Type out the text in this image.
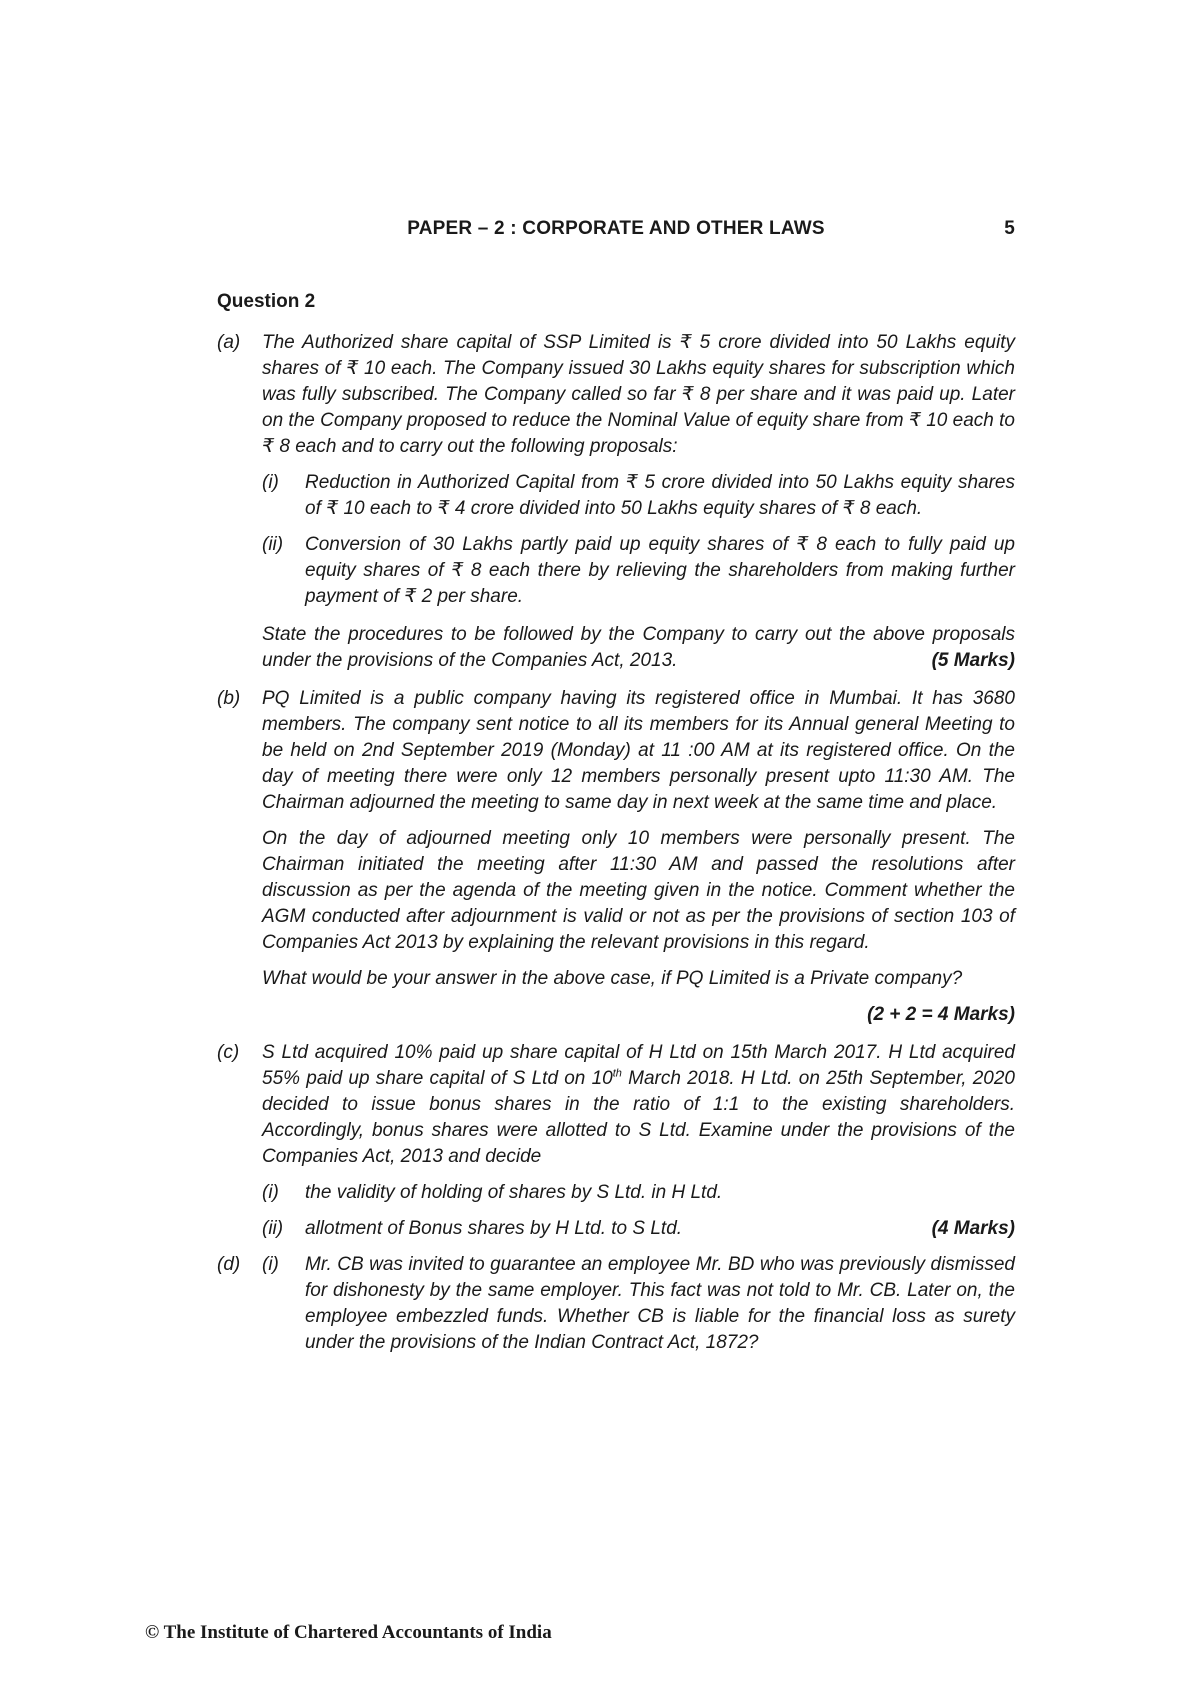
PAPER – 2 : CORPORATE AND OTHER LAWS	5
Question 2
(a)	The Authorized share capital of SSP Limited is ₹ 5 crore divided into 50 Lakhs equity shares of ₹ 10 each. The Company issued 30 Lakhs equity shares for subscription which was fully subscribed. The Company called so far ₹ 8 per share and it was paid up. Later on the Company proposed to reduce the Nominal Value of equity share from ₹ 10 each to ₹ 8 each and to carry out the following proposals:
(i)	Reduction in Authorized Capital from ₹ 5 crore divided into 50 Lakhs equity shares of ₹ 10 each to ₹ 4 crore divided into 50 Lakhs equity shares of ₹ 8 each.
(ii)	Conversion of 30 Lakhs partly paid up equity shares of ₹ 8 each to fully paid up equity shares of ₹ 8 each there by relieving the shareholders from making further payment of ₹ 2 per share.
State the procedures to be followed by the Company to carry out the above proposals under the provisions of the Companies Act, 2013.	(5 Marks)
(b)	PQ Limited is a public company having its registered office in Mumbai. It has 3680 members. The company sent notice to all its members for its Annual general Meeting to be held on 2nd September 2019 (Monday) at 11 :00 AM at its registered office. On the day of meeting there were only 12 members personally present upto 11:30 AM. The Chairman adjourned the meeting to same day in next week at the same time and place.
On the day of adjourned meeting only 10 members were personally present. The Chairman initiated the meeting after 11:30 AM and passed the resolutions after discussion as per the agenda of the meeting given in the notice. Comment whether the AGM conducted after adjournment is valid or not as per the provisions of section 103 of Companies Act 2013 by explaining the relevant provisions in this regard.
What would be your answer in the above case, if PQ Limited is a Private company?
(2 + 2 = 4 Marks)
(c)	S Ltd acquired 10% paid up share capital of H Ltd on 15th March 2017. H Ltd acquired 55% paid up share capital of S Ltd on 10th March 2018. H Ltd. on 25th September, 2020 decided to issue bonus shares in the ratio of 1:1 to the existing shareholders. Accordingly, bonus shares were allotted to S Ltd. Examine under the provisions of the Companies Act, 2013 and decide
(i)	the validity of holding of shares by S Ltd. in H Ltd.
(ii)	allotment of Bonus shares by H Ltd. to S Ltd.	(4 Marks)
(d)	(i)	Mr. CB was invited to guarantee an employee Mr. BD who was previously dismissed for dishonesty by the same employer. This fact was not told to Mr. CB. Later on, the employee embezzled funds. Whether CB is liable for the financial loss as surety under the provisions of the Indian Contract Act, 1872?
© The Institute of Chartered Accountants of India
